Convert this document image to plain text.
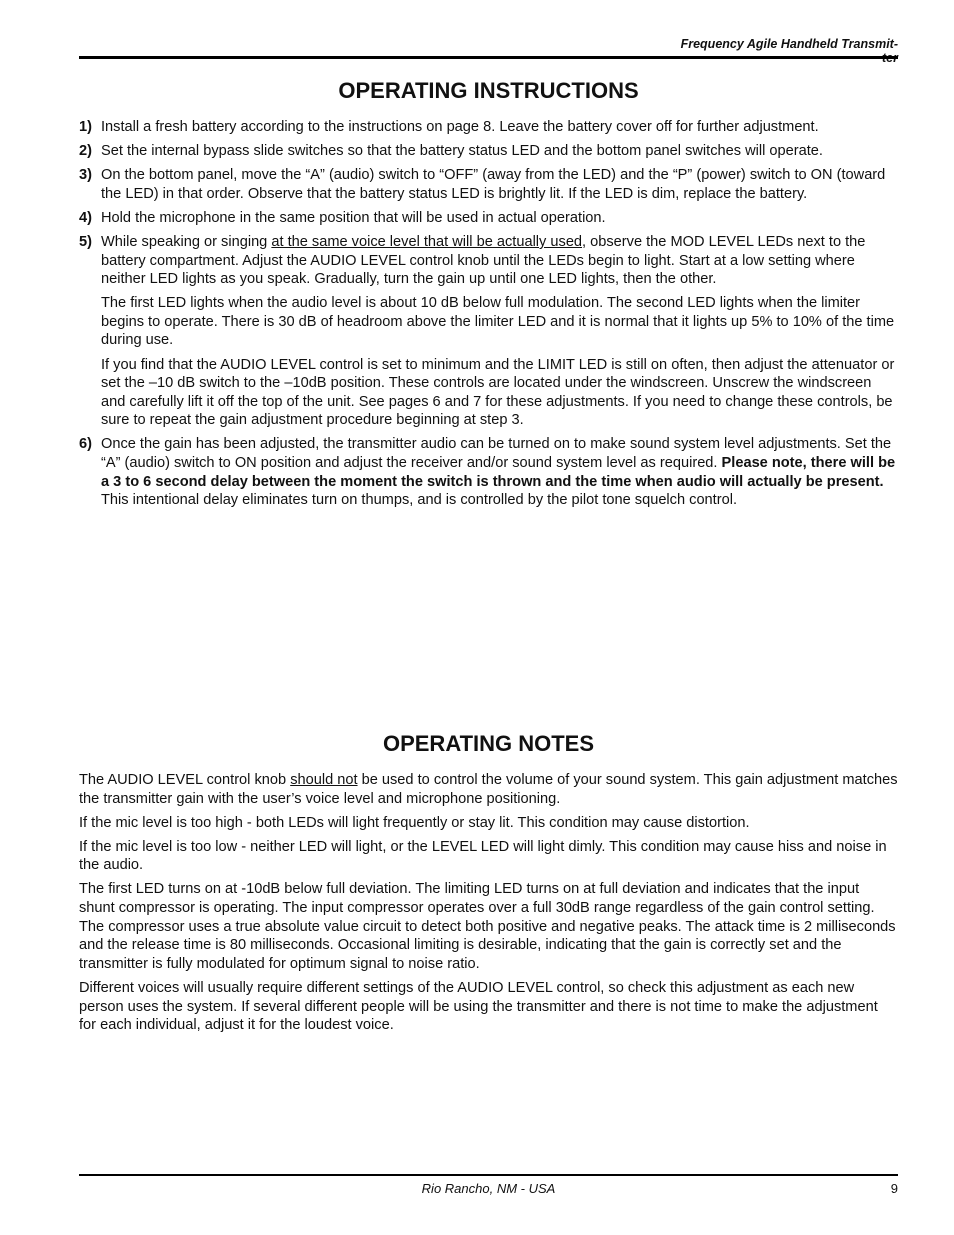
Frequency Agile Handheld Transmit-
OPERATING INSTRUCTIONS
1) Install a fresh battery according to the instructions on page 8. Leave the battery cover off for further adjustment.

2) Set the internal bypass slide switches so that the battery status LED and the bottom panel switches will operate.

3) On the bottom panel, move the “A” (audio) switch to “OFF” (away from the LED) and the “P” (power) switch to ON (toward the LED) in that order. Observe that the battery status LED is brightly lit. If the LED is dim, replace the battery.

4) Hold the microphone in the same position that will be used in actual operation.

5) While speaking or singing at the same voice level that will be actually used, observe the MOD LEVEL LEDs next to the battery compartment. Adjust the AUDIO LEVEL control knob until the LEDs begin to light. Start at a low setting where neither LED lights as you speak. Gradually, turn the gain up until one LED lights, then the other.

The first LED lights when the audio level is about 10 dB below full modulation. The second LED lights when the limiter begins to operate. There is 30 dB of headroom above the limiter LED and it is normal that it lights up 5% to 10% of the time during use.

If you find that the AUDIO LEVEL control is set to minimum and the LIMIT LED is still on often, then adjust the attenuator or set the –10 dB switch to the –10dB position. These controls are located under the windscreen. Unscrew the windscreen and carefully lift it off the top of the unit. See pages 6 and 7 for these adjustments. If you need to change these controls, be sure to repeat the gain adjustment procedure beginning at step 3.

6) Once the gain has been adjusted, the transmitter audio can be turned on to make sound system level adjustments. Set the “A” (audio) switch to ON position and adjust the receiver and/or sound system level as required. Please note, there will be a 3 to 6 second delay between the moment the switch is thrown and the time when audio will actually be present. This intentional delay eliminates turn on thumps, and is controlled by the pilot tone squelch control.

OPERATING NOTES

The AUDIO LEVEL control knob should not be used to control the volume of your sound system. This gain adjustment matches the transmitter gain with the user’s voice level and microphone positioning.

If the mic level is too high - both LEDs will light frequently or stay lit. This condition may cause distortion.

If the mic level is too low - neither LED will light, or the LEVEL LED will light dimly. This condition may cause hiss and noise in the audio.

The first LED turns on at -10dB below full deviation. The limiting LED turns on at full deviation and indicates that the input shunt compressor is operating. The input compressor operates over a full 30dB range regardless of the gain control setting. The compressor uses a true absolute value circuit to detect both positive and negative peaks. The attack time is 2 milliseconds and the release time is 80 milliseconds. Occasional limiting is desirable, indicating that the gain is correctly set and the transmitter is fully modulated for optimum signal to noise ratio.

Different voices will usually require different settings of the AUDIO LEVEL control, so check this adjustment as each new person uses the system. If several different people will be using the transmitter and there is not time to make the adjustment for each individual, adjust it for the loudest voice.

Rio Rancho, NM - USA	9
